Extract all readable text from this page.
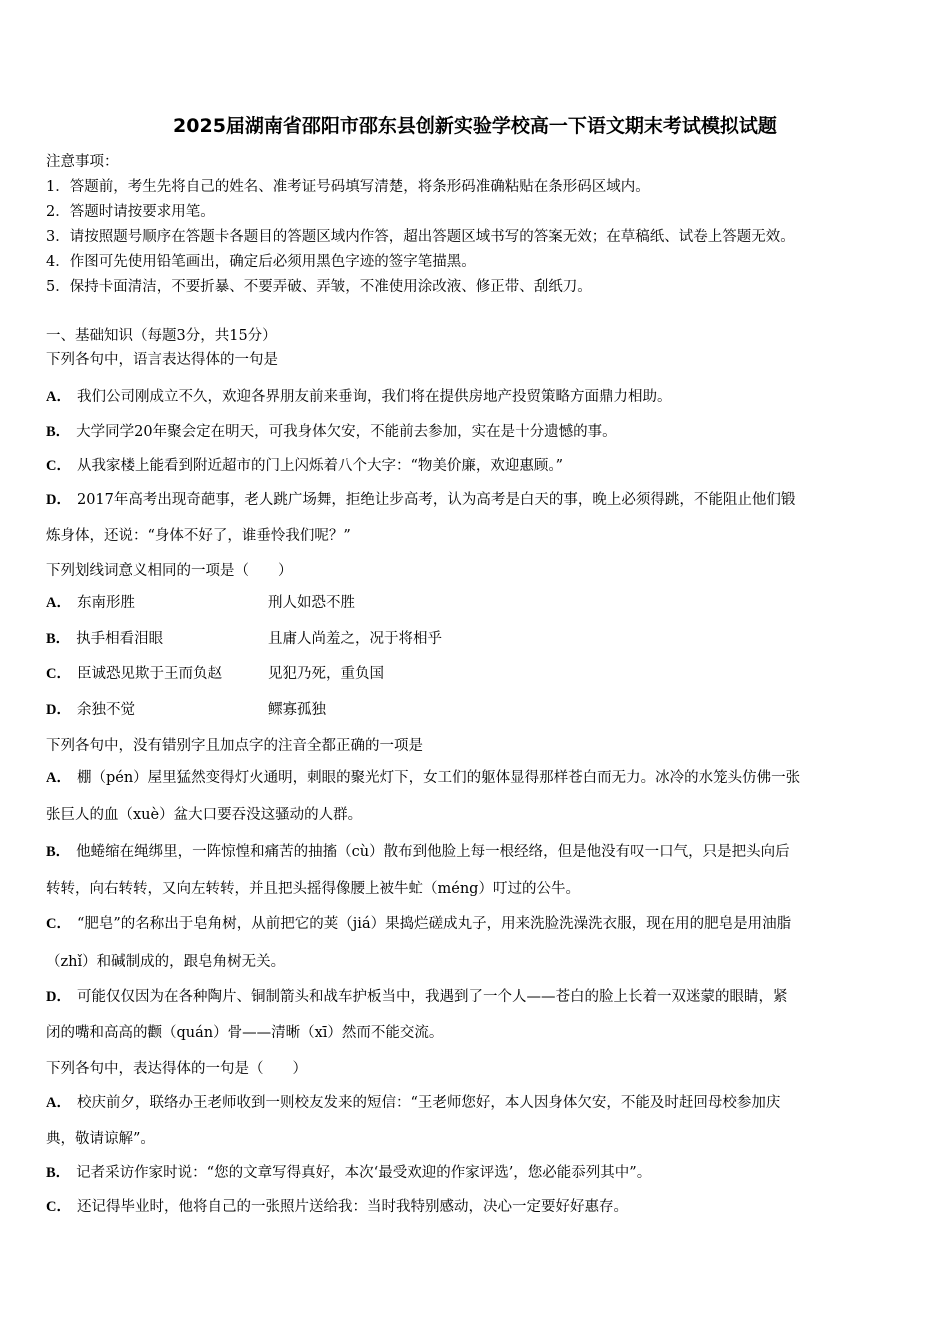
2025届湖南省邵阳市邵东县创新实验学校高一下语文期末考试模拟试题
注意事项：
1．答题前，考生先将自己的姓名、准考证号码填写清楚，将条形码准确粘贴在条形码区域内。
2．答题时请按要求用笔。
3．请按照题号顺序在答题卡各题目的答题区域内作答，超出答题区域书写的答案无效；在草稿纸、试卷上答题无效。
4．作图可先使用铅笔画出，确定后必须用黑色字迹的签字笔描黑。
5．保持卡面清洁，不要折暴、不要弄破、弄皱，不准使用涂改液、修正带、刮纸刀。
一、基础知识（每题3分，共15分）
下列各句中，语言表达得体的一句是
A． 我们公司刚成立不久，欢迎各界朋友前来垂询，我们将在提供房地产投贸策略方面鼎力相助。
B． 大学同学20年聚会定在明天，可我身体欠安，不能前去参加，实在是十分遗憾的事。
C． 从我家楼上能看到附近超市的门上闪烁着八个大字：“物美价廉，欢迎惠顾。”
D． 2017年高考出现奇葩事，老人跳广场舞，拒绝让步高考，认为高考是白天的事，晚上必须得跳，不能阻止他们锻
炼身体，还说：“身体不好了，谁垂怜我们呢？”
下列划线词意义相同的一项是（　　）
A． 东南形胜	刑人如恐不胜
B． 执手相看泪眼	且庸人尚羞之，况于将相乎
C． 臣诚恐见欺于王而负赵	见犯乃死，重负国
D． 余独不觉	鳏寡孤独
下列各句中，没有错别字且加点字的注音全都正确的一项是
A． 棚（pén）屋里猛然变得灯火通明，刺眼的聚光灯下，女工们的躯体显得那样苍白而无力。冰冷的水笼头仿佛一张
张巨人的血（xuè）盆大口要吞没这骚动的人群。
B． 他蜷缩在绳绑里，一阵惊惶和痛苦的抽搐（cù）散布到他脸上每一根经络，但是他没有叹一口气，只是把头向后
转转，向右转转，又向左转转，并且把头摇得像腰上被牛虻（méng）叮过的公牛。
C． “肥皂”的名称出于皂角树，从前把它的荚（jiá）果捣烂磋成丸子，用来洗脸洗澡洗衣服，现在用的肥皂是用油脂
（zhǐ）和碱制成的，跟皂角树无关。
D． 可能仅仅因为在各种陶片、铜制箭头和战车护板当中，我遇到了一个人——苍白的脸上长着一双迷蒙的眼睛，紧
闭的嘴和高高的颧（quán）骨——清晰（xī）然而不能交流。
下列各句中，表达得体的一句是（　　）
A． 校庆前夕，联络办王老师收到一则校友发来的短信：“王老师您好，本人因身体欠安，不能及时赶回母校参加庆
典，敬请谅解”。
B． 记者采访作家时说：“您的文章写得真好，本次‘最受欢迎的作家评选’，您必能忝列其中”。
C． 还记得毕业时，他将自己的一张照片送给我：当时我特别感动，决心一定要好好惠存。
